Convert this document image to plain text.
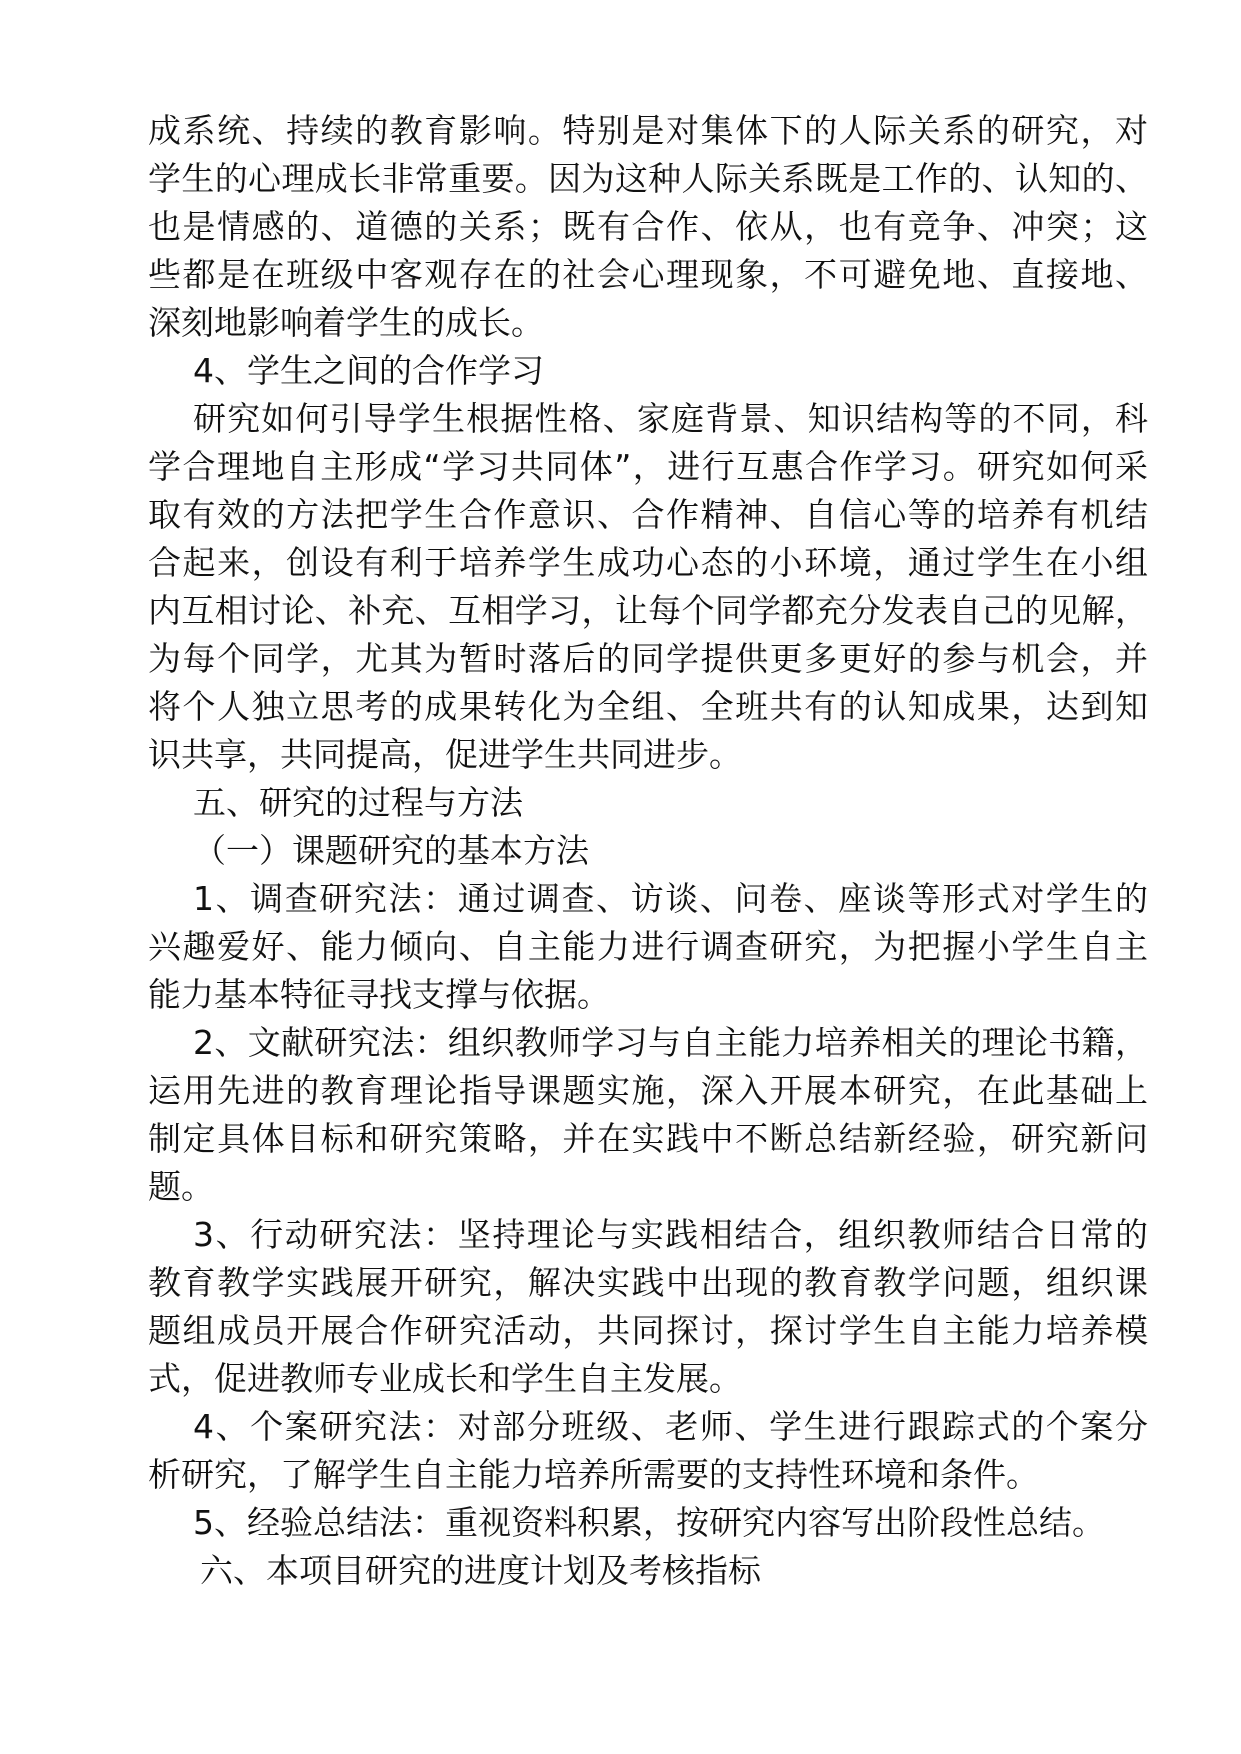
成系统、持续的教育影响。特别是对集体下的人际关系的研究，对
学生的心理成长非常重要。因为这种人际关系既是工作的、认知的、
也是情感的、道德的关系；既有合作、依从，也有竞争、冲突；这
些都是在班级中客观存在的社会心理现象，不可避免地、直接地、
深刻地影响着学生的成长。
4、学生之间的合作学习
研究如何引导学生根据性格、家庭背景、知识结构等的不同，科
学合理地自主形成“学习共同体”，进行互惠合作学习。研究如何采
取有效的方法把学生合作意识、合作精神、自信心等的培养有机结
合起来，创设有利于培养学生成功心态的小环境，通过学生在小组
内互相讨论、补充、互相学习，让每个同学都充分发表自己的见解，
为每个同学，尤其为暂时落后的同学提供更多更好的参与机会，并
将个人独立思考的成果转化为全组、全班共有的认知成果，达到知
识共享，共同提高，促进学生共同进步。
五、研究的过程与方法
（一）课题研究的基本方法
1、调查研究法：通过调查、访谈、问卷、座谈等形式对学生的
兴趣爱好、能力倾向、自主能力进行调查研究，为把握小学生自主
能力基本特征寻找支撑与依据。
2、文献研究法：组织教师学习与自主能力培养相关的理论书籍，
运用先进的教育理论指导课题实施，深入开展本研究，在此基础上
制定具体目标和研究策略，并在实践中不断总结新经验，研究新问
题。
3、行动研究法：坚持理论与实践相结合，组织教师结合日常的
教育教学实践展开研究，解决实践中出现的教育教学问题，组织课
题组成员开展合作研究活动，共同探讨，探讨学生自主能力培养模
式，促进教师专业成长和学生自主发展。
4、个案研究法：对部分班级、老师、学生进行跟踪式的个案分
析研究，了解学生自主能力培养所需要的支持性环境和条件。
5、经验总结法：重视资料积累，按研究内容写出阶段性总结。
六、本项目研究的进度计划及考核指标
